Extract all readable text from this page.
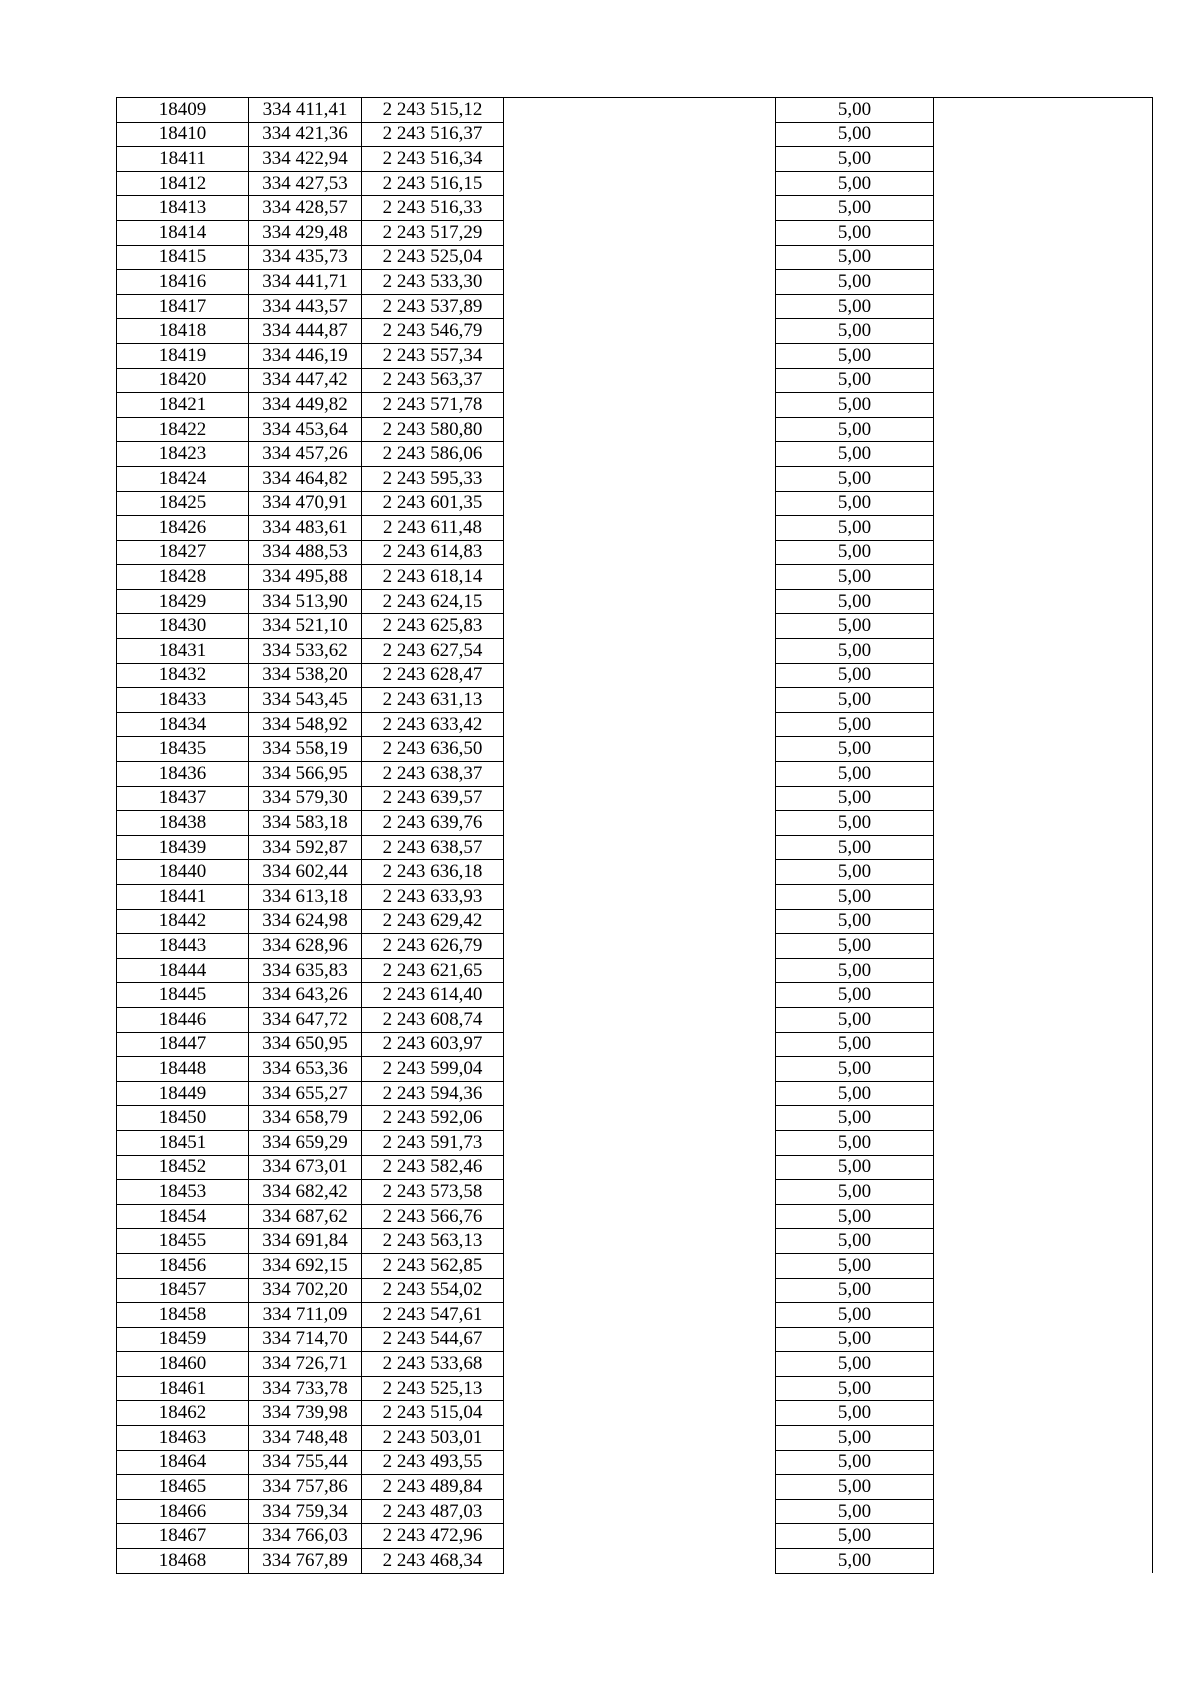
18409	334 411,41	2 243 515,12		5,00	
18410	334 421,36	2 243 516,37		5,00	
18411	334 422,94	2 243 516,34		5,00	
18412	334 427,53	2 243 516,15		5,00	
18413	334 428,57	2 243 516,33		5,00	
18414	334 429,48	2 243 517,29		5,00	
18415	334 435,73	2 243 525,04		5,00	
18416	334 441,71	2 243 533,30		5,00	
18417	334 443,57	2 243 537,89		5,00	
18418	334 444,87	2 243 546,79		5,00	
18419	334 446,19	2 243 557,34		5,00	
18420	334 447,42	2 243 563,37		5,00	
18421	334 449,82	2 243 571,78		5,00	
18422	334 453,64	2 243 580,80		5,00	
18423	334 457,26	2 243 586,06		5,00	
18424	334 464,82	2 243 595,33		5,00	
18425	334 470,91	2 243 601,35		5,00	
18426	334 483,61	2 243 611,48		5,00	
18427	334 488,53	2 243 614,83		5,00	
18428	334 495,88	2 243 618,14		5,00	
18429	334 513,90	2 243 624,15		5,00	
18430	334 521,10	2 243 625,83		5,00	
18431	334 533,62	2 243 627,54		5,00	
18432	334 538,20	2 243 628,47		5,00	
18433	334 543,45	2 243 631,13		5,00	
18434	334 548,92	2 243 633,42		5,00	
18435	334 558,19	2 243 636,50		5,00	
18436	334 566,95	2 243 638,37		5,00	
18437	334 579,30	2 243 639,57		5,00	
18438	334 583,18	2 243 639,76		5,00	
18439	334 592,87	2 243 638,57		5,00	
18440	334 602,44	2 243 636,18		5,00	
18441	334 613,18	2 243 633,93		5,00	
18442	334 624,98	2 243 629,42		5,00	
18443	334 628,96	2 243 626,79		5,00	
18444	334 635,83	2 243 621,65		5,00	
18445	334 643,26	2 243 614,40		5,00	
18446	334 647,72	2 243 608,74		5,00	
18447	334 650,95	2 243 603,97		5,00	
18448	334 653,36	2 243 599,04		5,00	
18449	334 655,27	2 243 594,36		5,00	
18450	334 658,79	2 243 592,06		5,00	
18451	334 659,29	2 243 591,73		5,00	
18452	334 673,01	2 243 582,46		5,00	
18453	334 682,42	2 243 573,58		5,00	
18454	334 687,62	2 243 566,76		5,00	
18455	334 691,84	2 243 563,13		5,00	
18456	334 692,15	2 243 562,85		5,00	
18457	334 702,20	2 243 554,02		5,00	
18458	334 711,09	2 243 547,61		5,00	
18459	334 714,70	2 243 544,67		5,00	
18460	334 726,71	2 243 533,68		5,00	
18461	334 733,78	2 243 525,13		5,00	
18462	334 739,98	2 243 515,04		5,00	
18463	334 748,48	2 243 503,01		5,00	
18464	334 755,44	2 243 493,55		5,00	
18465	334 757,86	2 243 489,84		5,00	
18466	334 759,34	2 243 487,03		5,00	
18467	334 766,03	2 243 472,96		5,00	
18468	334 767,89	2 243 468,34		5,00	
